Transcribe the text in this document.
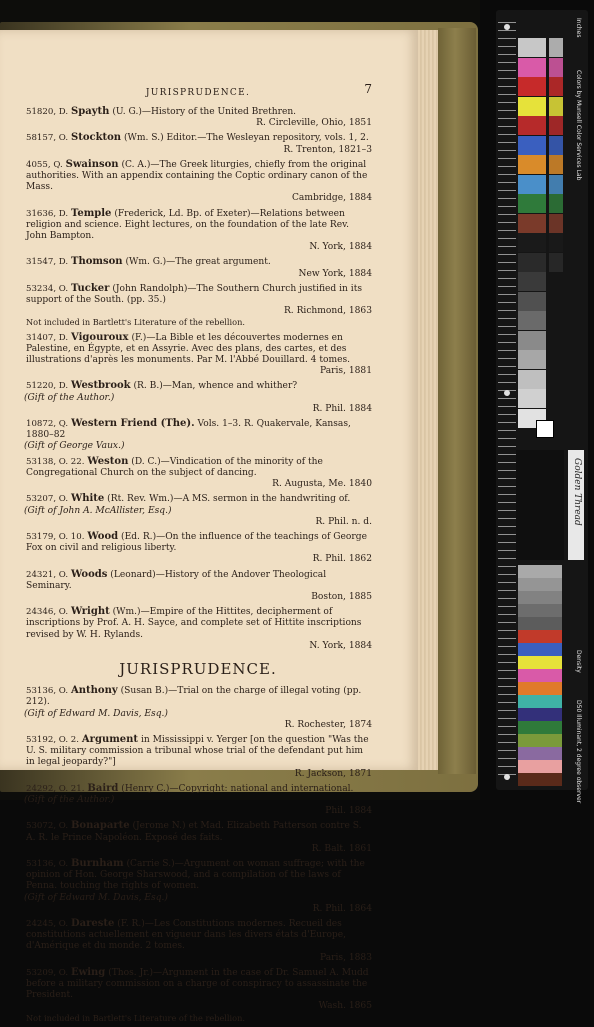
JURISPRUDENCE.	7
51820, D. Spayth (U. G.)—History of the United Brethren.
R. Circleville, Ohio, 1851
58157, O. Stockton (Wm. S.) Editor.—The Wesleyan repository, vols. 1, 2.
R. Trenton, 1821–3
4055, Q. Swainson (C. A.)—The Greek liturgies, chiefly from the original authorities. With an appendix containing the Coptic ordinary canon of the Mass.
Cambridge, 1884
31636, D. Temple (Frederick, Ld. Bp. of Exeter)—Relations between religion and science. Eight lectures, on the foundation of the late Rev. John Bampton.
N. York, 1884
31547, D. Thomson (Wm. G.)—The great argument.
New York, 1884
53234, O. Tucker (John Randolph)—The Southern Church justified in its support of the South. (pp. 35.)
R. Richmond, 1863
Not included in Bartlett's Literature of the rebellion.
31407, D. Vigouroux (F.)—La Bible et les découvertes modernes en Palestine, en Égypte, et en Assyrie. Avec des plans, des cartes, et des illustrations d'après les monuments. Par M. l'Abbé Douillard. 4 tomes.
Paris, 1881
51220, D. Westbrook (R. B.)—Man, whence and whither?
(Gift of the Author.)
R. Phil. 1884
10872, Q. Western Friend (The). Vols. 1–3. R. Quakervale, Kansas, 1880–82
(Gift of George Vaux.)
53138, O. 22. Weston (D. C.)—Vindication of the minority of the Congregational Church on the subject of dancing.
R. Augusta, Me. 1840
53207, O. White (Rt. Rev. Wm.)—A MS. sermon in the handwriting of.
(Gift of John A. McAllister, Esq.)
R. Phil. n. d.
53179, O. 10. Wood (Ed. R.)—On the influence of the teachings of George Fox on civil and religious liberty.
R. Phil. 1862
24321, O. Woods (Leonard)—History of the Andover Theological Seminary.
Boston, 1885
24346, O. Wright (Wm.)—Empire of the Hittites, decipherment of inscriptions by Prof. A. H. Sayce, and complete set of Hittite inscriptions revised by W. H. Rylands.
N. York, 1884
JURISPRUDENCE.
53136, O. Anthony (Susan B.)—Trial on the charge of illegal voting (pp. 212).
(Gift of Edward M. Davis, Esq.)
R. Rochester, 1874
53192, O. 2. Argument in Mississippi v. Yerger [on the question "Was the U. S. military commission a tribunal whose trial of the defendant put him in legal jeopardy?"]
R. Jackson, 1871
24292, O. 21. Baird (Henry C.)—Copyright: national and international.
(Gift of the Author.)
Phil. 1884
53072, O. Bonaparte (Jerome N.) et Mad. Elizabeth Patterson contre S. A. R. le Prince Napoléon. Exposé des faits.
R. Balt. 1861
53136, O. Burnham (Carrie S.)—Argument on woman suffrage; with the opinion of Hon. George Sharswood, and a compilation of the laws of Penna. touching the rights of women.
(Gift of Edward M. Davis, Esq.)
R. Phil. 1864
24245, O. Dareste (F. R.)—Les Constitutions modernes. Recueil des constitutions actuellement en vigueur dans les divers états d'Europe, d'Amérique et du monde. 2 tomes.
Paris, 1883
53209, O. Ewing (Thos. Jr.)—Argument in the case of Dr. Samuel A. Mudd before a military commission on a charge of conspiracy to assassinate the President.
Wash. 1865
Not included in Bartlett's Literature of the rebellion.
Golden Thread
Colors by Munsell Color Services Lab
Inches
Density
D50 Illuminant, 2 degree observer
